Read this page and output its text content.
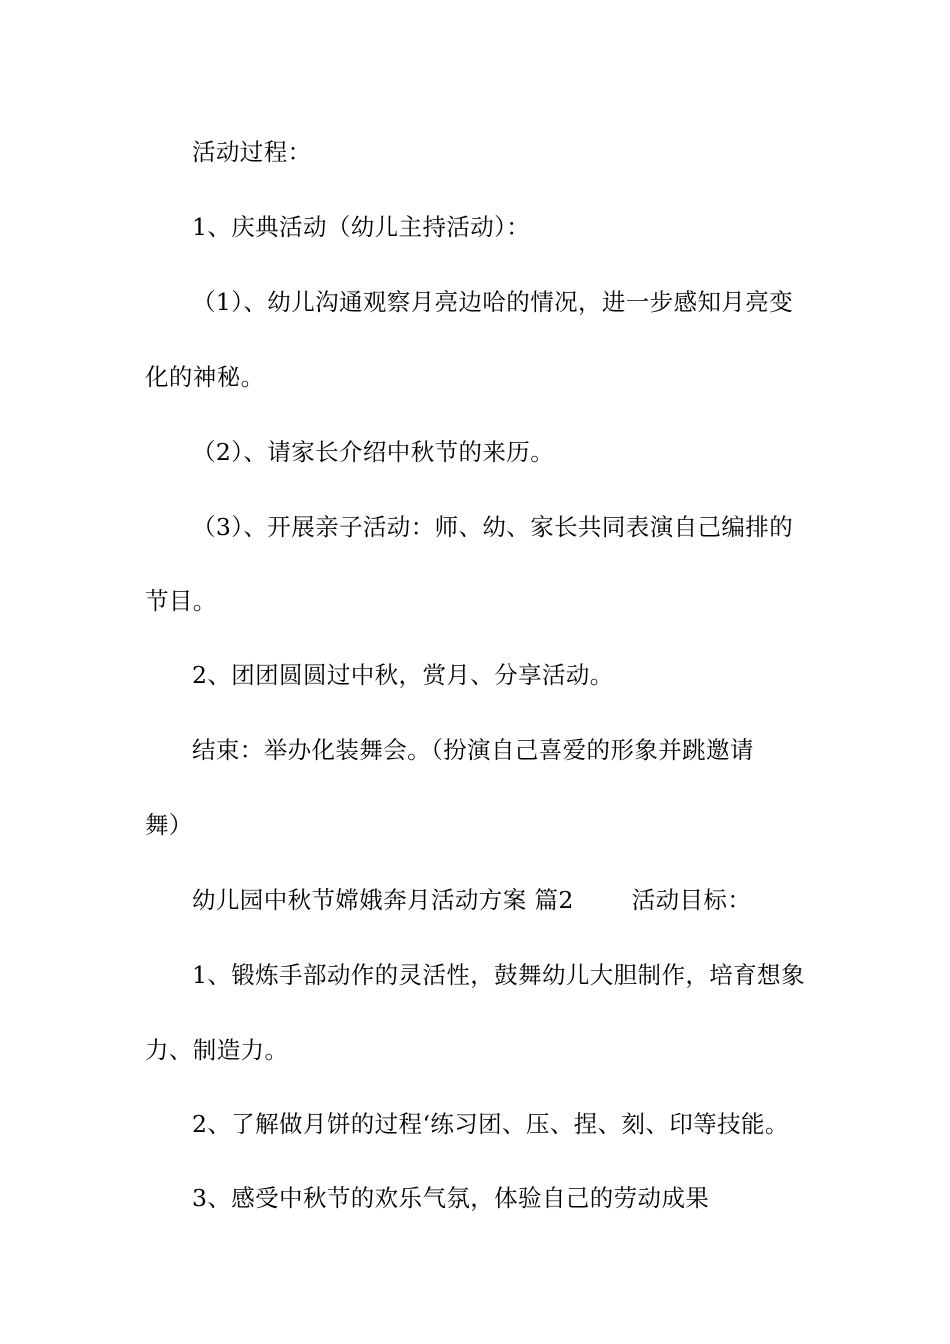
活动过程：
1、庆典活动（幼儿主持活动）：
（1）、幼儿沟通观察月亮边哈的情况，进一步感知月亮变
化的神秘。
（2）、请家长介绍中秋节的来历。
（3）、开展亲子活动：师、幼、家长共同表演自己编排的
节目。
2、团团圆圆过中秋，赏月、分享活动。
结束：举办化装舞会。（扮演自己喜爱的形象并跳邀请
舞）
幼儿园中秋节嫦娥奔月活动方案 篇2 活动目标：
1、锻炼手部动作的灵活性，鼓舞幼儿大胆制作，培育想象
力、制造力。
2、了解做月饼的过程‘练习团、压、捏、刻、印等技能。
3、感受中秋节的欢乐气氛，体验自己的劳动成果
